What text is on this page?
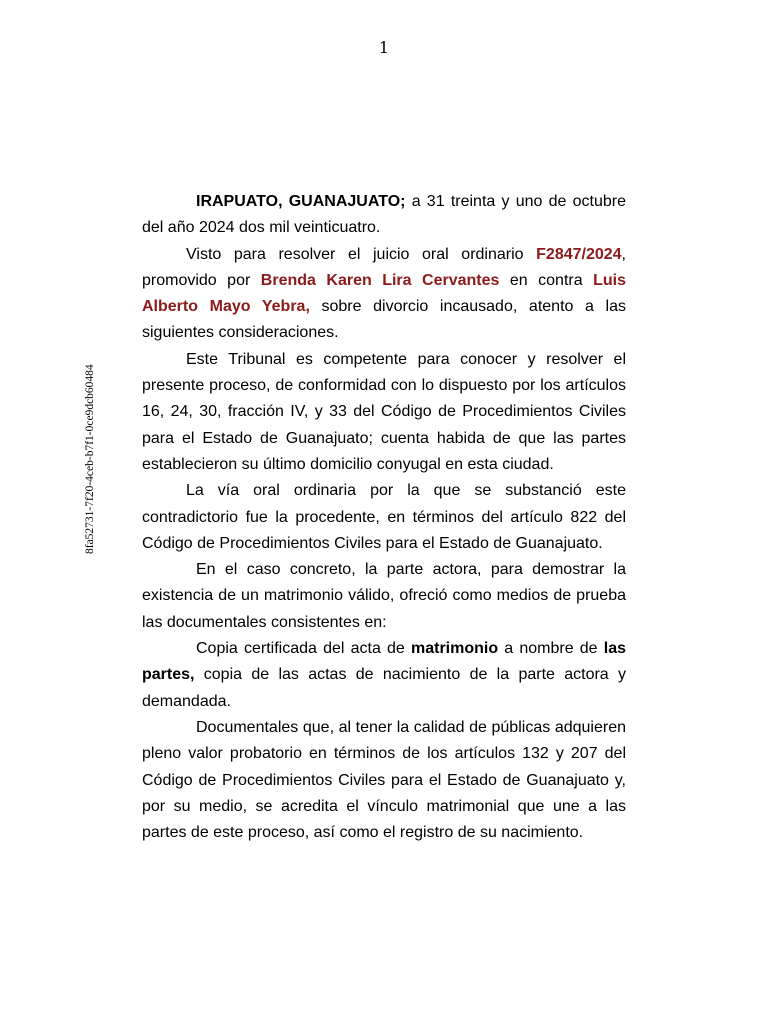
1
8fa52731-7f20-4ceb-b7f1-0ce9dcb60484

IRAPUATO, GUANAJUATO; a 31 treinta y uno de octubre del año 2024 dos mil veinticuatro.

Visto para resolver el juicio oral ordinario F2847/2024, promovido por Brenda Karen Lira Cervantes en contra Luis Alberto Mayo Yebra, sobre divorcio incausado, atento a las siguientes consideraciones.

Este Tribunal es competente para conocer y resolver el presente proceso, de conformidad con lo dispuesto por los artículos 16, 24, 30, fracción IV, y 33 del Código de Procedimientos Civiles para el Estado de Guanajuato; cuenta habida de que las partes establecieron su último domicilio conyugal en esta ciudad.

La vía oral ordinaria por la que se substanció este contradictorio fue la procedente, en términos del artículo 822 del Código de Procedimientos Civiles para el Estado de Guanajuato.

En el caso concreto, la parte actora, para demostrar la existencia de un matrimonio válido, ofreció como medios de prueba las documentales consistentes en:

Copia certificada del acta de matrimonio a nombre de las partes, copia de las actas de nacimiento de la parte actora y demandada.

Documentales que, al tener la calidad de públicas adquieren pleno valor probatorio en términos de los artículos 132 y 207 del Código de Procedimientos Civiles para el Estado de Guanajuato y, por su medio, se acredita el vínculo matrimonial que une a las partes de este proceso, así como el registro de su nacimiento.
